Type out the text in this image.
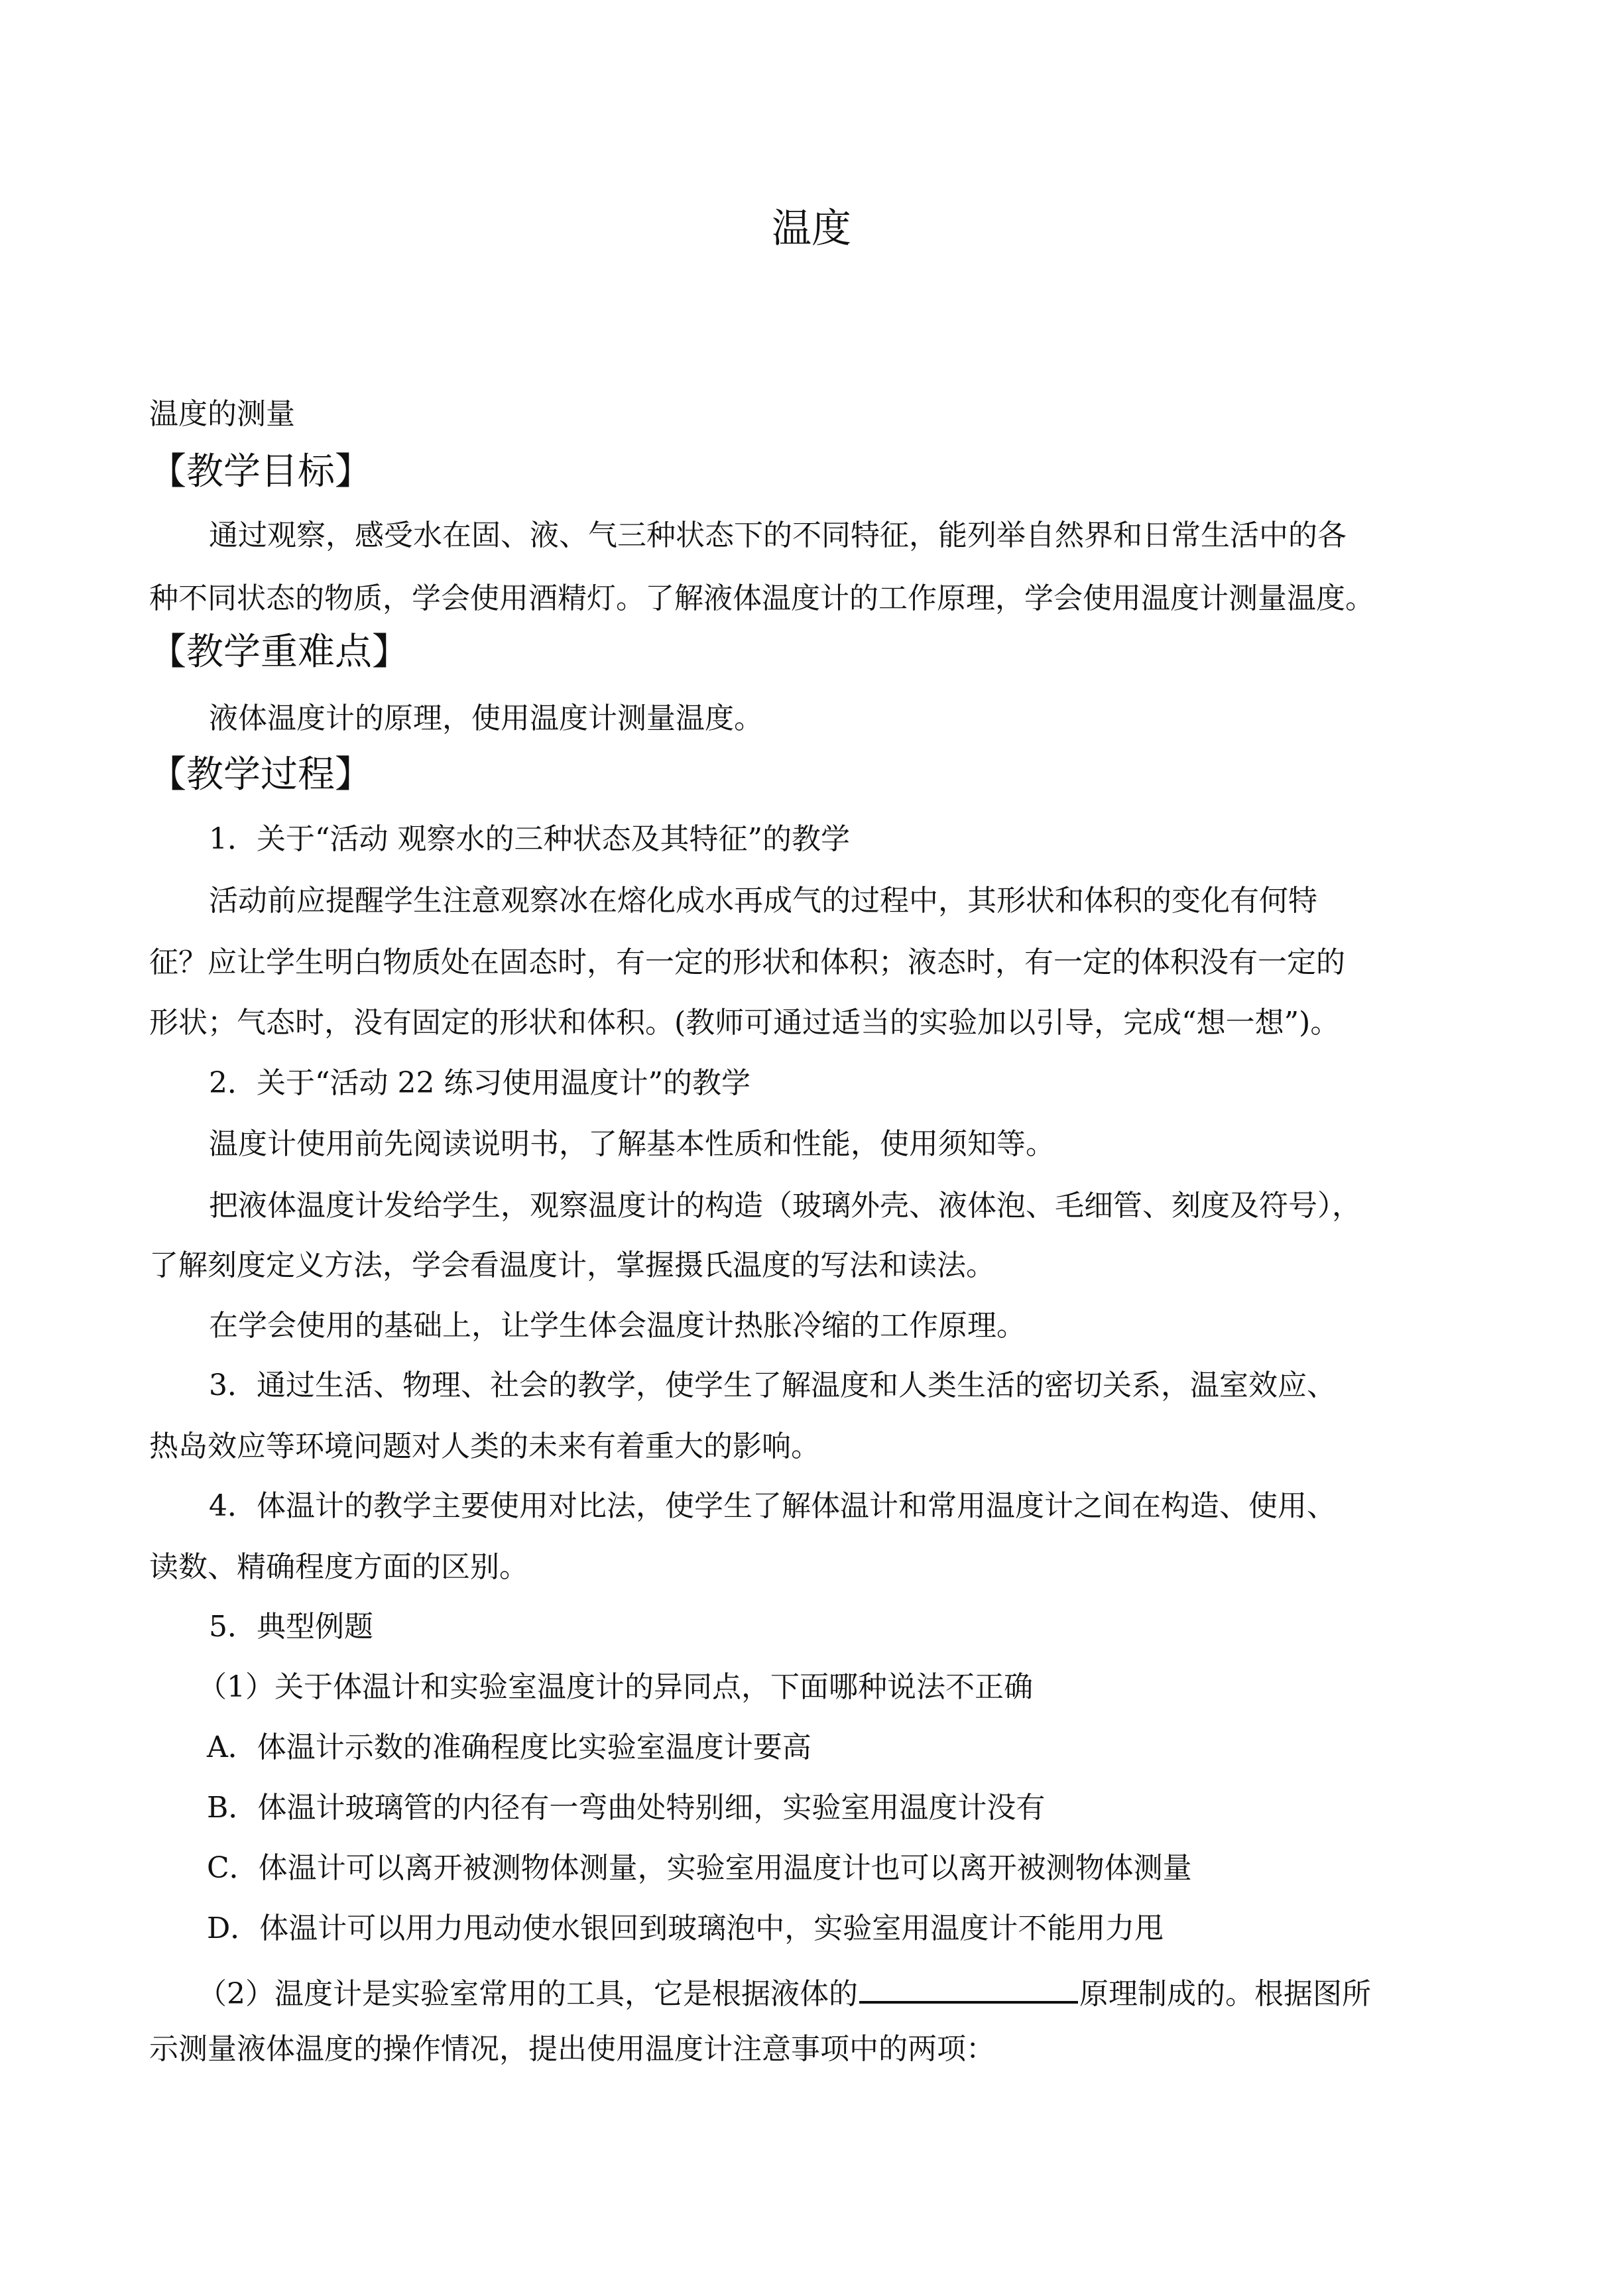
温度
温度的测量
【教学目标】
通过观察，感受水在固、液、气三种状态下的不同特征，能列举自然界和日常生活中的各
种不同状态的物质，学会使用酒精灯。了解液体温度计的工作原理，学会使用温度计测量温度。
【教学重难点】
液体温度计的原理，使用温度计测量温度。
【教学过程】
1．关于“活动 观察水的三种状态及其特征”的教学
活动前应提醒学生注意观察冰在熔化成水再成气的过程中，其形状和体积的变化有何特
征？应让学生明白物质处在固态时，有一定的形状和体积；液态时，有一定的体积没有一定的
形状；气态时，没有固定的形状和体积。(教师可通过适当的实验加以引导，完成“想一想”)。
2．关于“活动 22 练习使用温度计”的教学
温度计使用前先阅读说明书，了解基本性质和性能，使用须知等。
把液体温度计发给学生，观察温度计的构造（玻璃外壳、液体泡、毛细管、刻度及符号），
了解刻度定义方法，学会看温度计，掌握摄氏温度的写法和读法。
在学会使用的基础上，让学生体会温度计热胀冷缩的工作原理。
3．通过生活、物理、社会的教学，使学生了解温度和人类生活的密切关系，温室效应、
热岛效应等环境问题对人类的未来有着重大的影响。
4．体温计的教学主要使用对比法，使学生了解体温计和常用温度计之间在构造、使用、
读数、精确程度方面的区别。
5．典型例题
（1）关于体温计和实验室温度计的异同点，下面哪种说法不正确
A．体温计示数的准确程度比实验室温度计要高
B．体温计玻璃管的内径有一弯曲处特别细，实验室用温度计没有
C．体温计可以离开被测物体测量，实验室用温度计也可以离开被测物体测量
D．体温计可以用力甩动使水银回到玻璃泡中，实验室用温度计不能用力甩
（2）温度计是实验室常用的工具，它是根据液体的	原理制成的。根据图所
示测量液体温度的操作情况，提出使用温度计注意事项中的两项：
